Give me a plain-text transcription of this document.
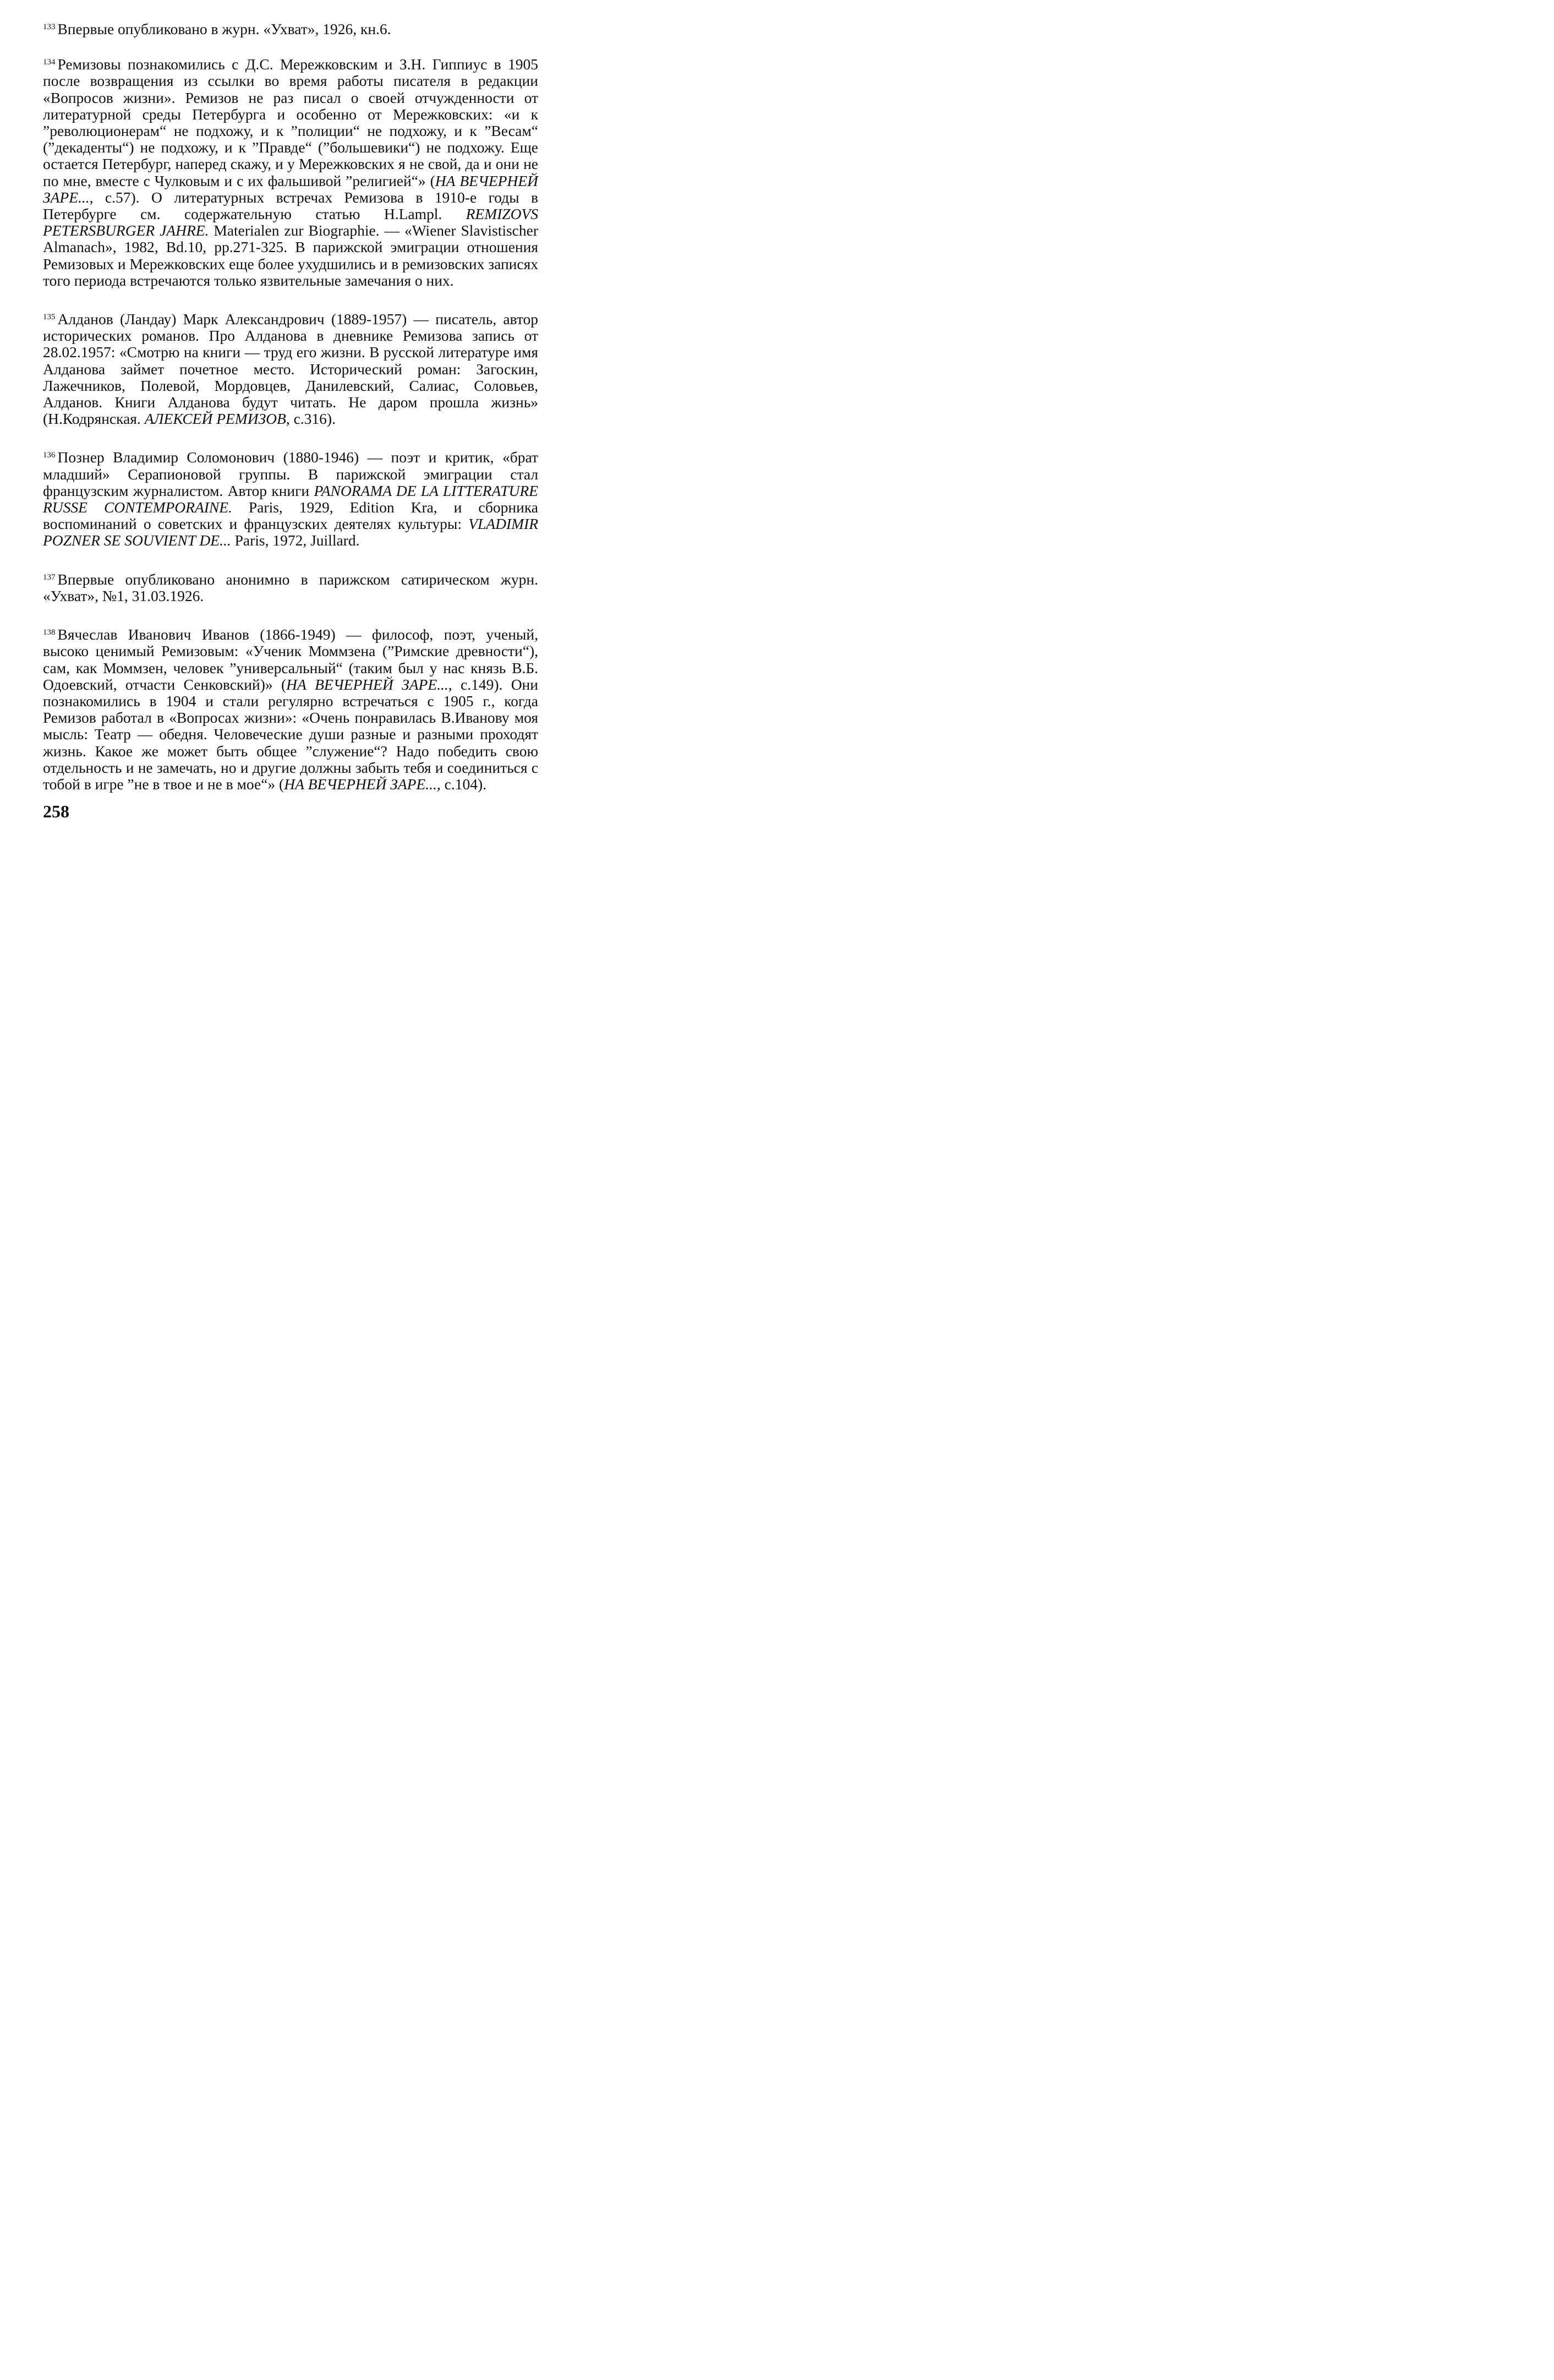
$^{133}$ Впервые опубликовано в журн. «Ухват», 1926, кн.6.

$^{134}$ Ремизовы познакомились с Д.С. Мережковским и З.Н. Гиппиус в 1905 после возвращения из ссылки во время работы писателя в редакции «Вопросов жизни». Ремизов не раз писал о своей отчужденности от литературной среды Петербурга и особенно от Мережковских: «и к ”революционерам“ не подхожу, и к ”полиции“ не подхожу, и к ”Весам“ (”декаденты“) не подхожу, и к ”Правде“ (”большевики“) не подхожу. Еще остается Петербург, наперед скажу, и у Мережковских я не свой, да и они не по мне, вместе с Чулковым и с их фальшивой ”религией“» (НА ВЕЧЕРНЕЙ ЗАРЕ..., с.57). О литературных встречах Ремизова в 1910-е годы в Петербурге см. содержательную статью H.Lampl. REMIZOVS PETERSBURGER JAHRE. Materialen zur Biographie. — «Wiener Slavistischer Almanach», 1982, Bd.10, pp.271-325. В парижской эмиграции отношения Ремизовых и Мережковских еще более ухудшились и в ремизовских записях того периода встречаются только язвительные замечания о них.

$^{135}$ Алданов (Ландау) Марк Александрович (1889-1957) — писатель, автор исторических романов. Про Алданова в дневнике Ремизова запись от 28.02.1957: «Смотрю на книги — труд его жизни. В русской литературе имя Алданова займет почетное место. Исторический роман: Загоскин, Лажечников, Полевой, Мордовцев, Данилевский, Салиас, Соловьев, Алданов. Книги Алданова будут читать. Не даром прошла жизнь» (Н.Кодрянская. АЛЕКСЕЙ РЕМИЗОВ, с.316).

$^{136}$ Познер Владимир Соломонович (1880-1946) — поэт и критик, «брат младший» Серапионовой группы. В парижской эмиграции стал французским журналистом. Автор книги PANORAMA DE LA LITTERATURE RUSSE CONTEMPORAINE. Paris, 1929, Edition Kra, и сборника воспоминаний о советских и французских деятелях культуры: VLADIMIR POZNER SE SOUVIENT DE... Paris, 1972, Juillard.

$^{137}$ Впервые опубликовано анонимно в парижском сатирическом журн. «Ухват», №1, 31.03.1926.

$^{138}$ Вячеслав Иванович Иванов (1866-1949) — философ, поэт, ученый, высоко ценимый Ремизовым: «Ученик Моммзена (”Римские древности“), сам, как Моммзен, человек ”универсальный“ (таким был у нас князь В.Б. Одоевский, отчасти Сенковский)» (НА ВЕЧЕРНЕЙ ЗАРЕ..., с.149). Они познакомились в 1904 и стали регулярно встречаться с 1905 г., когда Ремизов работал в «Вопросах жизни»: «Очень понравилась В.Иванову моя мысль: Театр — обедня. Человеческие души разные и разными проходят жизнь. Какое же может быть общее ”служение“? Надо победить свою отдельность и не замечать, но и другие должны забыть тебя и соединиться с тобой в игре ”не в твое и не в мое“» (НА ВЕЧЕРНЕЙ ЗАРЕ..., с.104).

258
